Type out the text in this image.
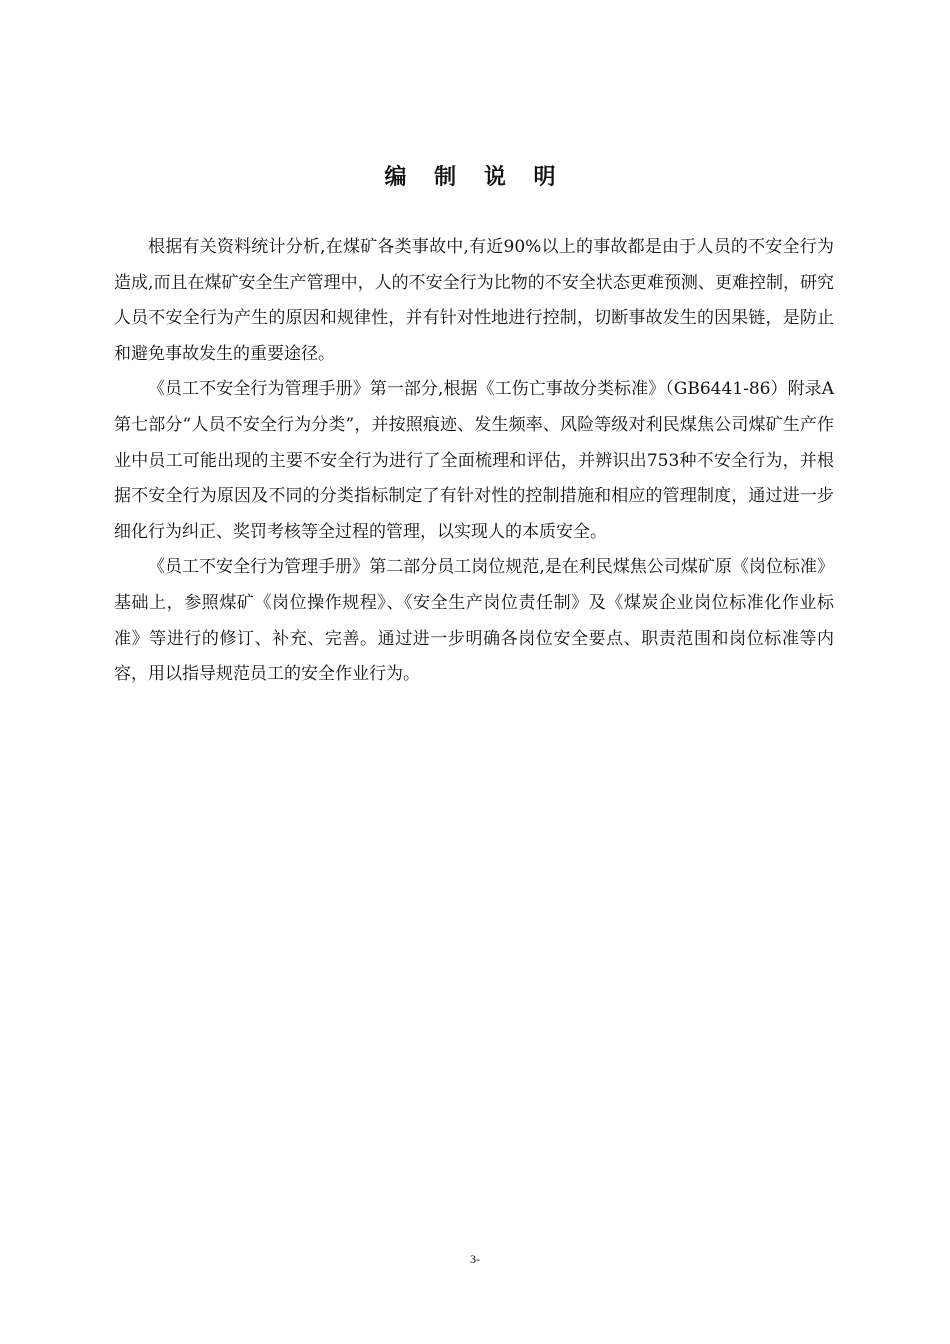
编 制 说 明

根据有关资料统计分析,在煤矿各类事故中,有近90%以上的事故都是由于人员的不安全行为造成,而且在煤矿安全生产管理中，人的不安全行为比物的不安全状态更难预测、更难控制，研究人员不安全行为产生的原因和规律性，并有针对性地进行控制，切断事故发生的因果链，是防止和避免事故发生的重要途径。

《员工不安全行为管理手册》第一部分,根据《工伤亡事故分类标准》（GB6441-86）附录A第七部分“人员不安全行为分类”，并按照痕迹、发生频率、风险等级对利民煤焦公司煤矿生产作业中员工可能出现的主要不安全行为进行了全面梳理和评估，并辨识出753种不安全行为，并根据不安全行为原因及不同的分类指标制定了有针对性的控制措施和相应的管理制度，通过进一步细化行为纠正、奖罚考核等全过程的管理，以实现人的本质安全。

《员工不安全行为管理手册》第二部分员工岗位规范,是在利民煤焦公司煤矿原《岗位标准》基础上，参照煤矿《岗位操作规程》、《安全生产岗位责任制》及《煤炭企业岗位标准化作业标准》等进行的修订、补充、完善。通过进一步明确各岗位安全要点、职责范围和岗位标准等内容，用以指导规范员工的安全作业行为。

3-
